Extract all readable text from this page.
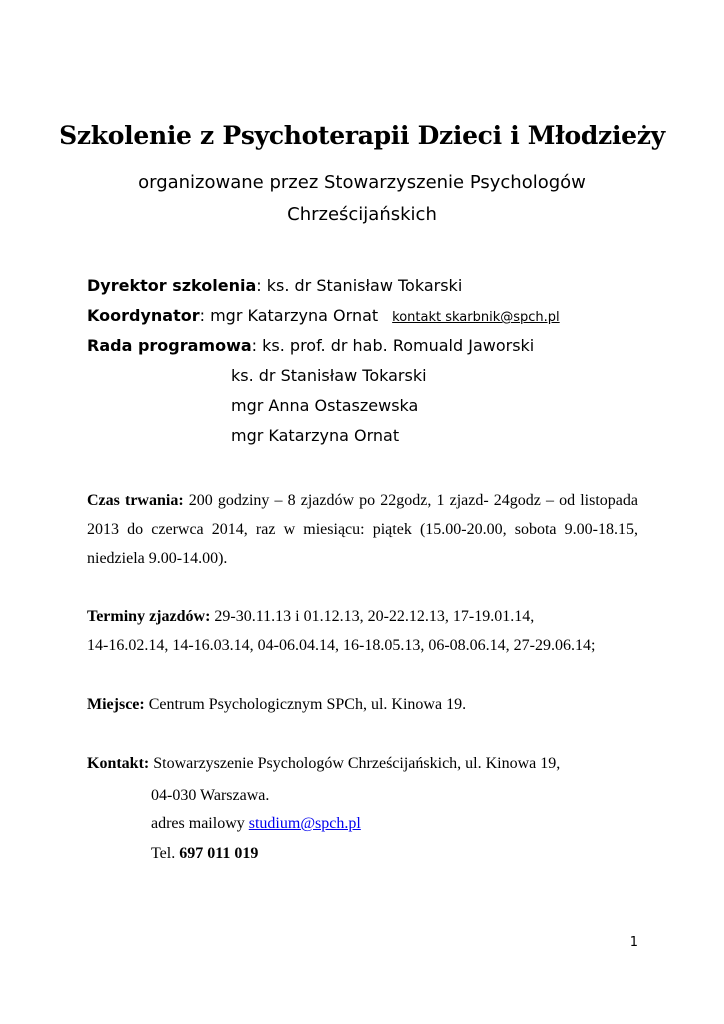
Szkolenie z Psychoterapii Dzieci i Młodzieży

organizowane przez Stowarzyszenie Psychologów

Chrześcijańskich

Dyrektor szkolenia: ks. dr Stanisław Tokarski
Koordynator: mgr Katarzyna Ornat kontakt skarbnik@spch.pl
Rada programowa: ks. prof. dr hab. Romuald Jaworski
ks. dr Stanisław Tokarski
mgr Anna Ostaszewska
mgr Katarzyna Ornat
Czas trwania: 200 godziny – 8 zjazdów po 22godz, 1 zjazd- 24godz – od listopada 2013 do czerwca 2014, raz w miesiącu: piątek (15.00-20.00, sobota 9.00-18.15, niedziela 9.00-14.00).
Terminy zjazdów: 29-30.11.13 i 01.12.13, 20-22.12.13, 17-19.01.14,
14-16.02.14, 14-16.03.14, 04-06.04.14, 16-18.05.13, 06-08.06.14, 27-29.06.14;
Miejsce: Centrum Psychologicznym SPCh, ul. Kinowa 19.
Kontakt: Stowarzyszenie Psychologów Chrześcijańskich, ul. Kinowa 19,
04-030 Warszawa.
adres mailowy studium@spch.pl
Tel. 697 011 019
1
